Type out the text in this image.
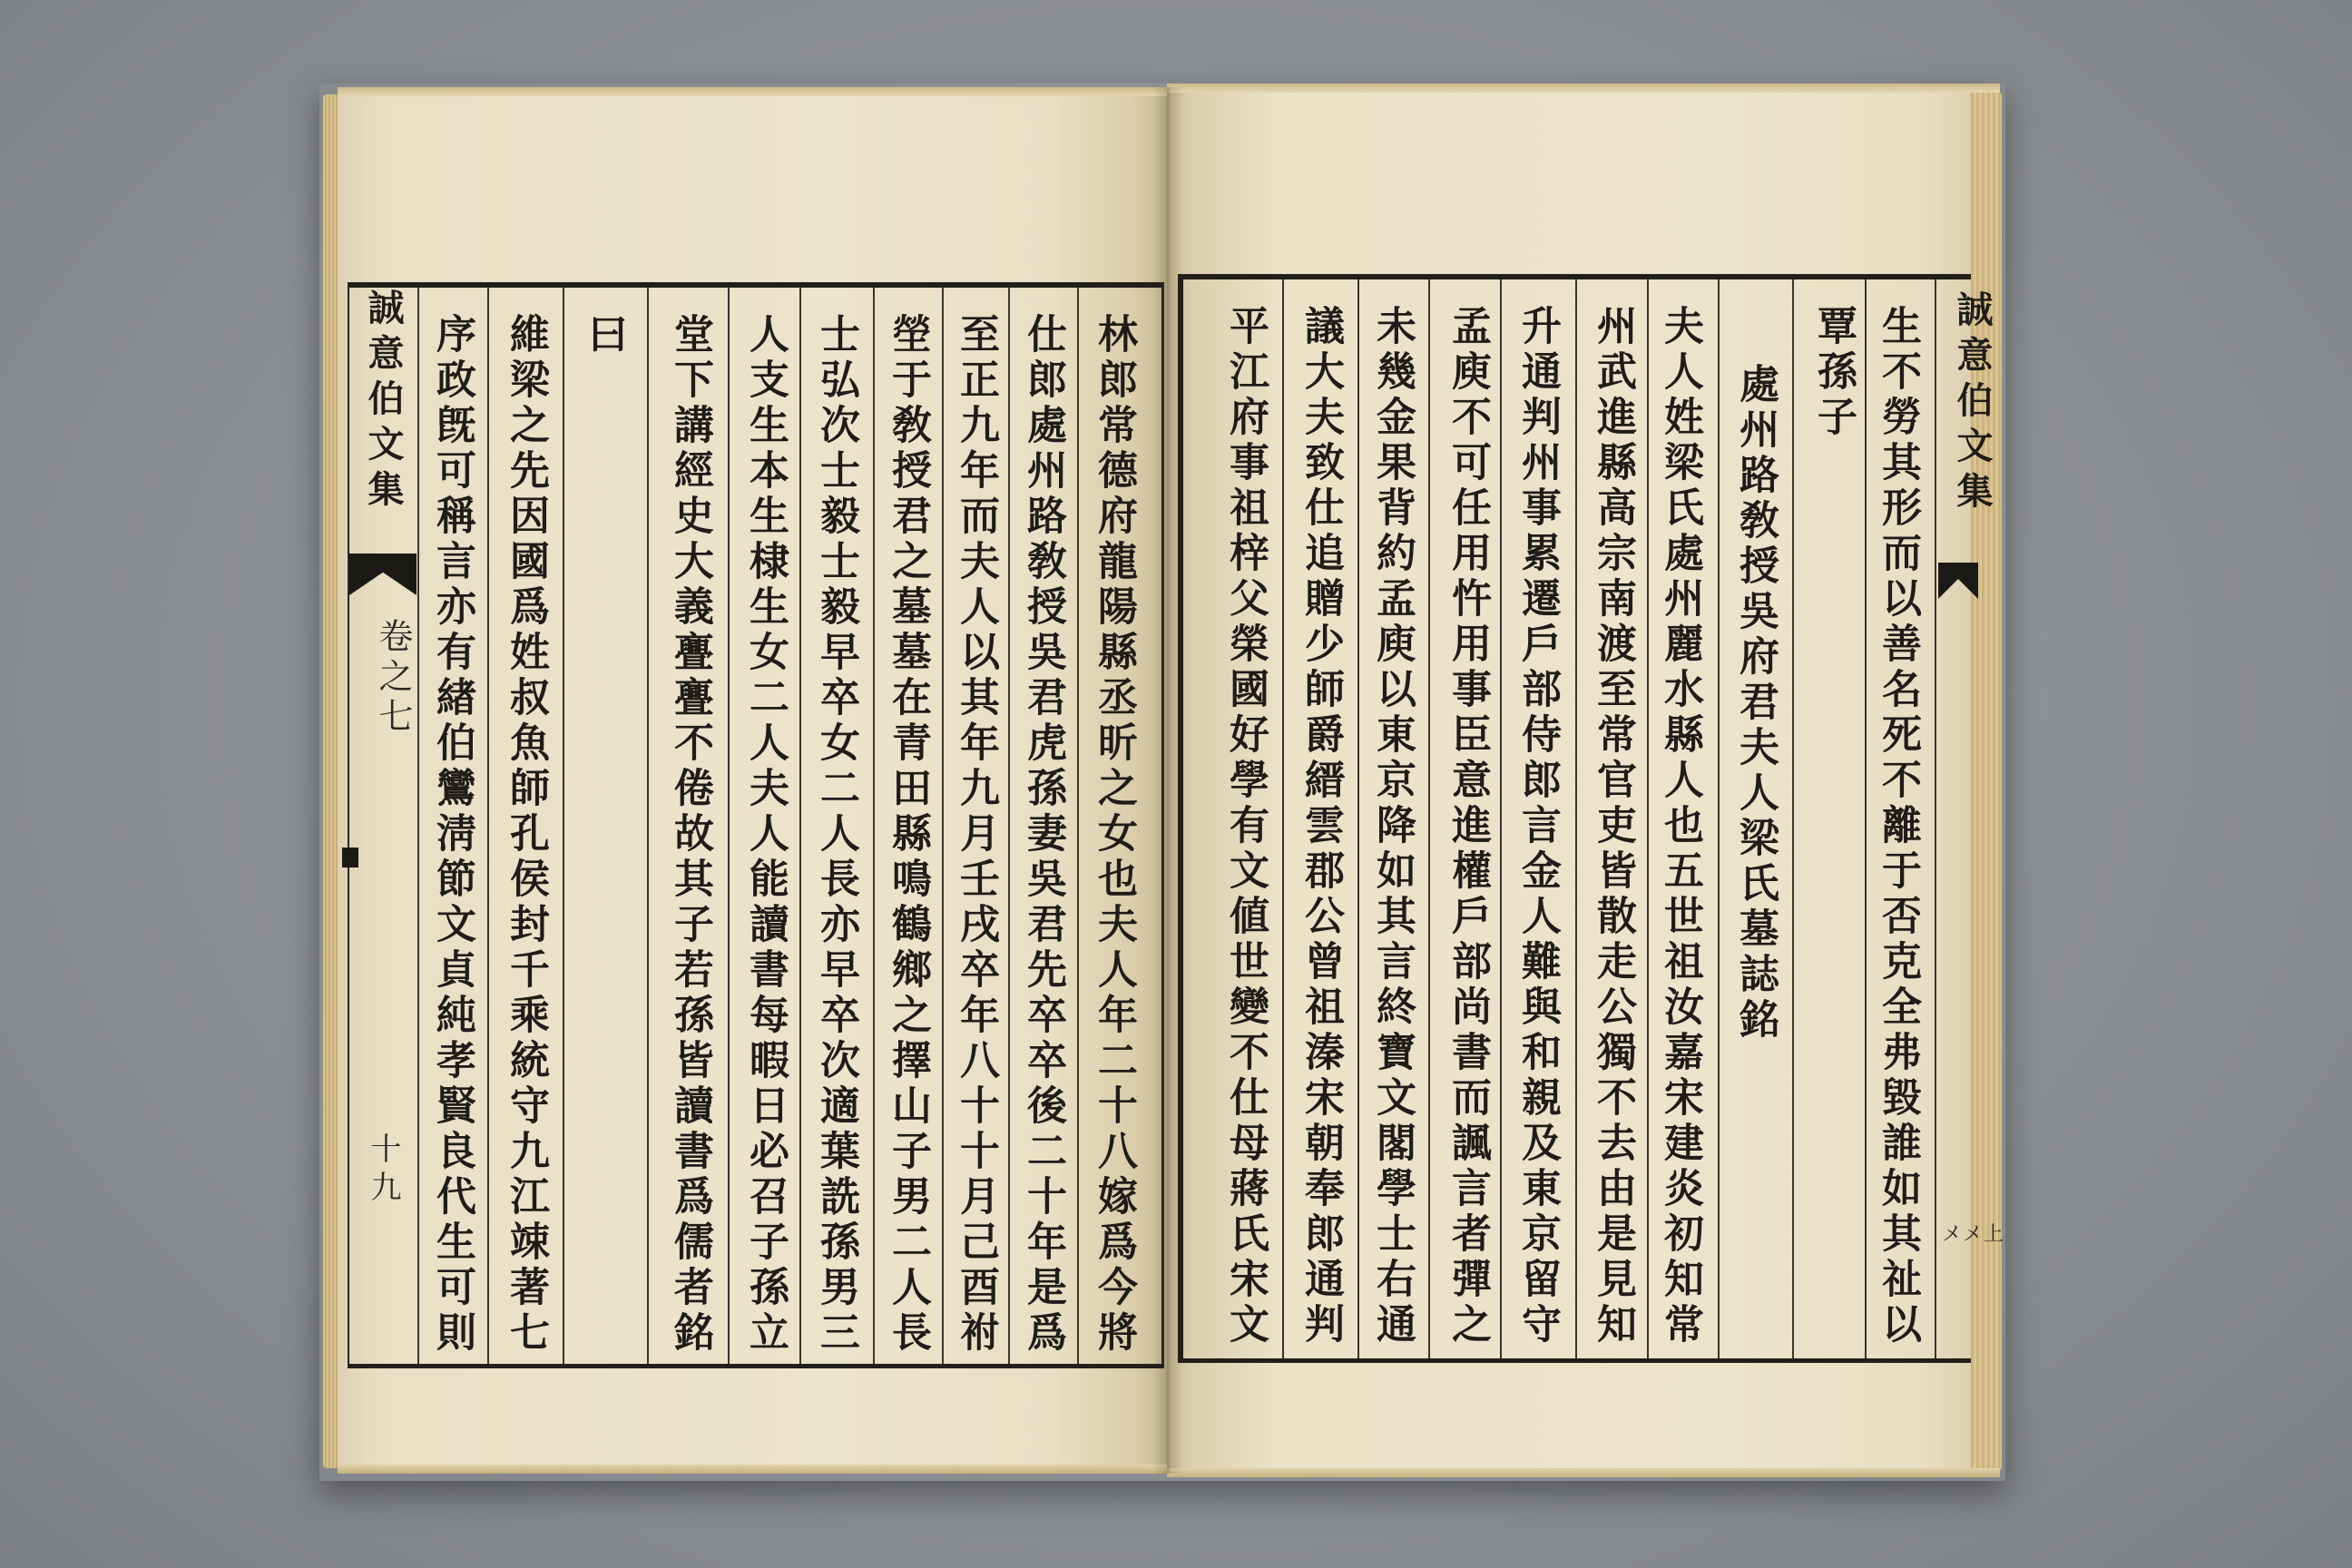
誠意伯文集
卷之七
十九	林郎常德府龍陽縣丞昕之女也夫人年二十八嫁爲今將
仕郎處州路敎授吳君虎孫妻吳君先卒卒後二十年是爲
至正九年而夫人以其年九月壬戌卒年八十十月己酉祔
塋于敎授君之墓墓在青田縣鳴鶴鄉之擇山子男二人長
士弘次士毅士毅早卒女二人長亦早卒次適葉詵孫男三
人支生本生棣生女二人夫人能讀書每暇日必召子孫立
堂下講經史大義亹亹不倦故其子若孫皆讀書爲儒者銘
曰
維梁之先因國爲姓叔魚師孔侯封千乘統守九江竦著七
序政旣可稱言亦有緖伯鸞淸節文貞純孝賢良代生可則	誠意伯文集
メメ上
生不勞其形而以善名死不離于否克全弗毀誰如其祉以
覃孫子
處州路敎授吳府君夫人梁氏墓誌銘
夫人姓梁氏處州麗水縣人也五世祖汝嘉宋建炎初知常
州武進縣高宗南渡至常官吏皆散走公獨不去由是見知
升通判州事累遷戶部侍郎言金人難與和親及東京留守
孟庾不可任用忤用事臣意進權戶部尚書而諷言者彈之
未幾金果背約孟庾以東京降如其言終寶文閣學士右通
議大夫致仕追贈少師爵縉雲郡公曾祖溱宋朝奉郎通判
平江府事祖梓父榮國好學有文値世變不仕母蔣氏宋文
